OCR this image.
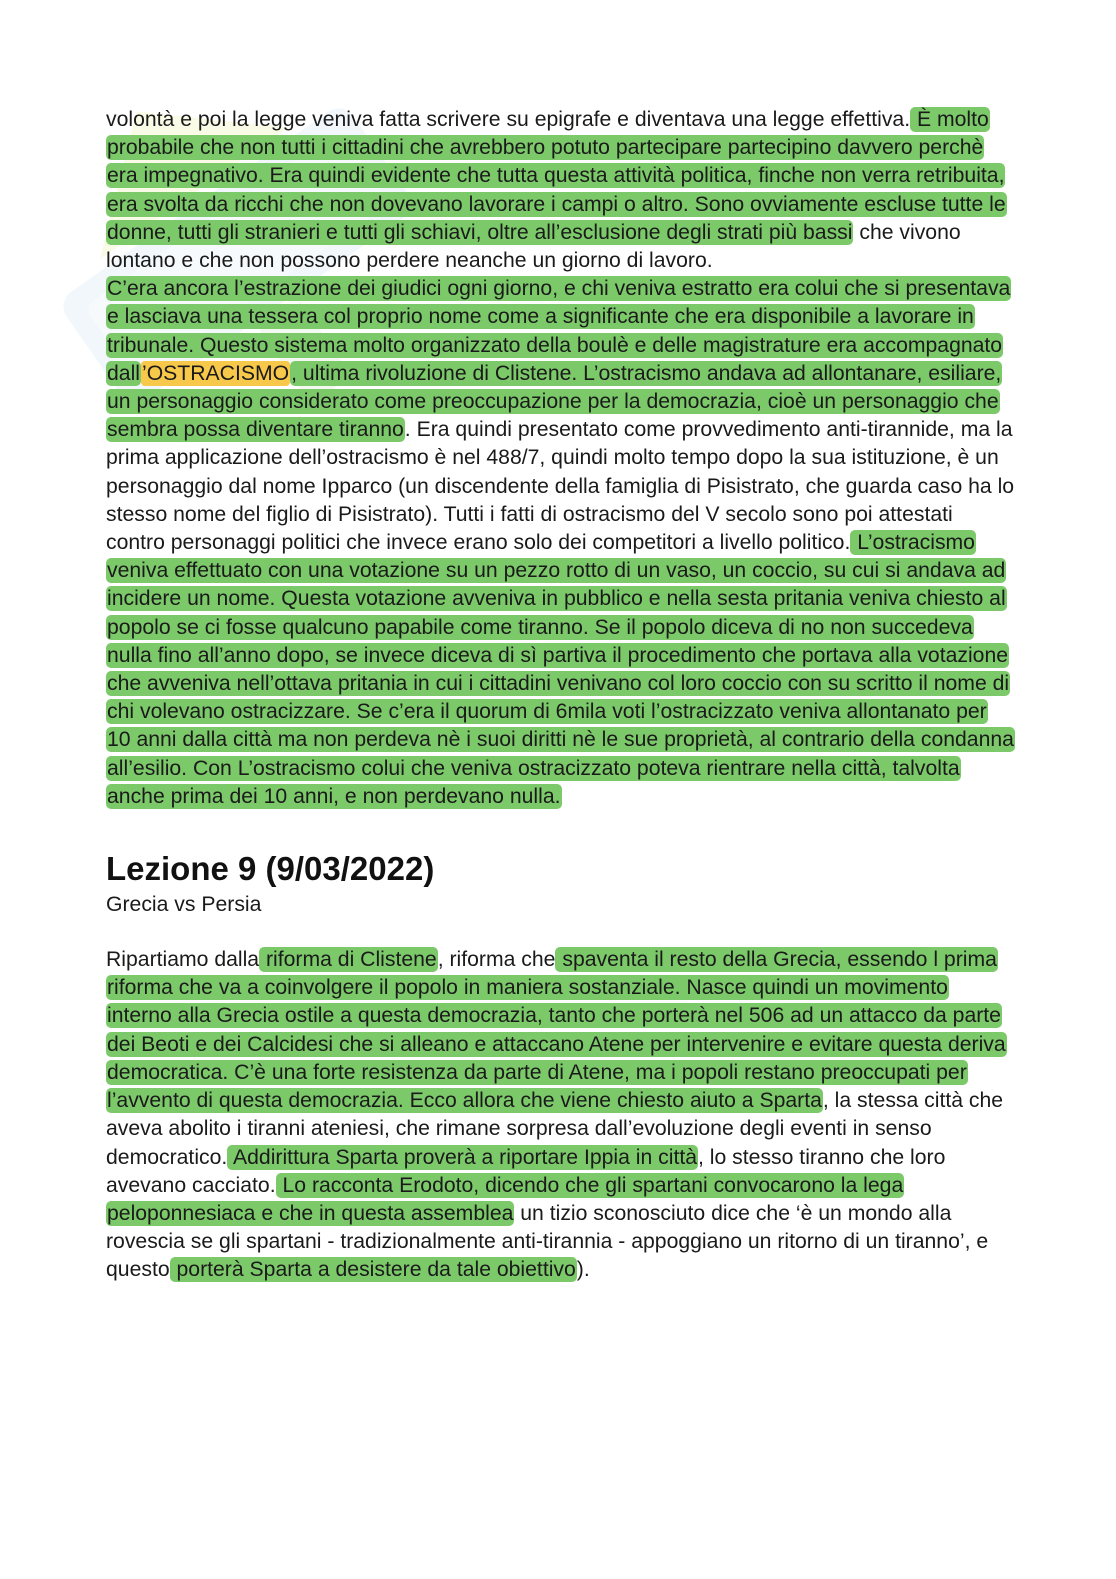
volontà e poi la legge veniva fatta scrivere su epigrafe e diventava una legge effettiva. È molto probabile che non tutti i cittadini che avrebbero potuto partecipare partecipino davvero perchè era impegnativo. Era quindi evidente che tutta questa attività politica, finche non verra retribuita, era svolta da ricchi che non dovevano lavorare i campi o altro. Sono ovviamente escluse tutte le donne, tutti gli stranieri e tutti gli schiavi, oltre all’esclusione degli strati più bassi che vivono lontano e che non possono perdere neanche un giorno di lavoro.

C’era ancora l’estrazione dei giudici ogni giorno, e chi veniva estratto era colui che si presentava e lasciava una tessera col proprio nome come a significante che era disponibile a lavorare in tribunale. Questo sistema molto organizzato della boulè e delle magistrature era accompagnato dall’OSTRACISMO, ultima rivoluzione di Clistene. L’ostracismo andava ad allontanare, esiliare, un personaggio considerato come preoccupazione per la democrazia, cioè un personaggio che sembra possa diventare tiranno. Era quindi presentato come provvedimento anti-tirannide, ma la prima applicazione dell’ostracismo è nel 488/7, quindi molto tempo dopo la sua istituzione, è un personaggio dal nome Ipparco (un discendente della famiglia di Pisistrato, che guarda caso ha lo stesso nome del figlio di Pisistrato). Tutti i fatti di ostracismo del V secolo sono poi attestati contro personaggi politici che invece erano solo dei competitori a livello politico. L’ostracismo veniva effettuato con una votazione su un pezzo rotto di un vaso, un coccio, su cui si andava ad incidere un nome. Questa votazione avveniva in pubblico e nella sesta pritania veniva chiesto al popolo se ci fosse qualcuno papabile come tiranno. Se il popolo diceva di no non succedeva nulla fino all’anno dopo, se invece diceva di sì partiva il procedimento che portava alla votazione che avveniva nell’ottava pritania in cui i cittadini venivano col loro coccio con su scritto il nome di chi volevano ostracizzare. Se c’era il quorum di 6mila voti l’ostracizzato veniva allontanato per 10 anni dalla città ma non perdeva nè i suoi diritti nè le sue proprietà, al contrario della condanna all’esilio. Con L’ostracismo colui che veniva ostracizzato poteva rientrare nella città, talvolta anche prima dei 10 anni, e non perdevano nulla.

Lezione 9 (9/03/2022)
Grecia vs Persia

Ripartiamo dalla riforma di Clistene, riforma che spaventa il resto della Grecia, essendo l prima riforma che va a coinvolgere il popolo in maniera sostanziale. Nasce quindi un movimento interno alla Grecia ostile a questa democrazia, tanto che porterà nel 506 ad un attacco da parte dei Beoti e dei Calcidesi che si alleano e attaccano Atene per intervenire e evitare questa deriva democratica. C’è una forte resistenza da parte di Atene, ma i popoli restano preoccupati per l’avvento di questa democrazia. Ecco allora che viene chiesto aiuto a Sparta, la stessa città che aveva abolito i tiranni ateniesi, che rimane sorpresa dall’evoluzione degli eventi in senso democratico. Addirittura Sparta proverà a riportare Ippia in città, lo stesso tiranno che loro avevano cacciato. Lo racconta Erodoto, dicendo che gli spartani convocarono la lega peloponnesiaca e che in questa assemblea un tizio sconosciuto dice che ‘è un mondo alla rovescia se gli spartani - tradizionalmente anti-tirannia - appoggiano un ritorno di un tiranno’, e questo porterà Sparta a desistere da tale obiettivo).
